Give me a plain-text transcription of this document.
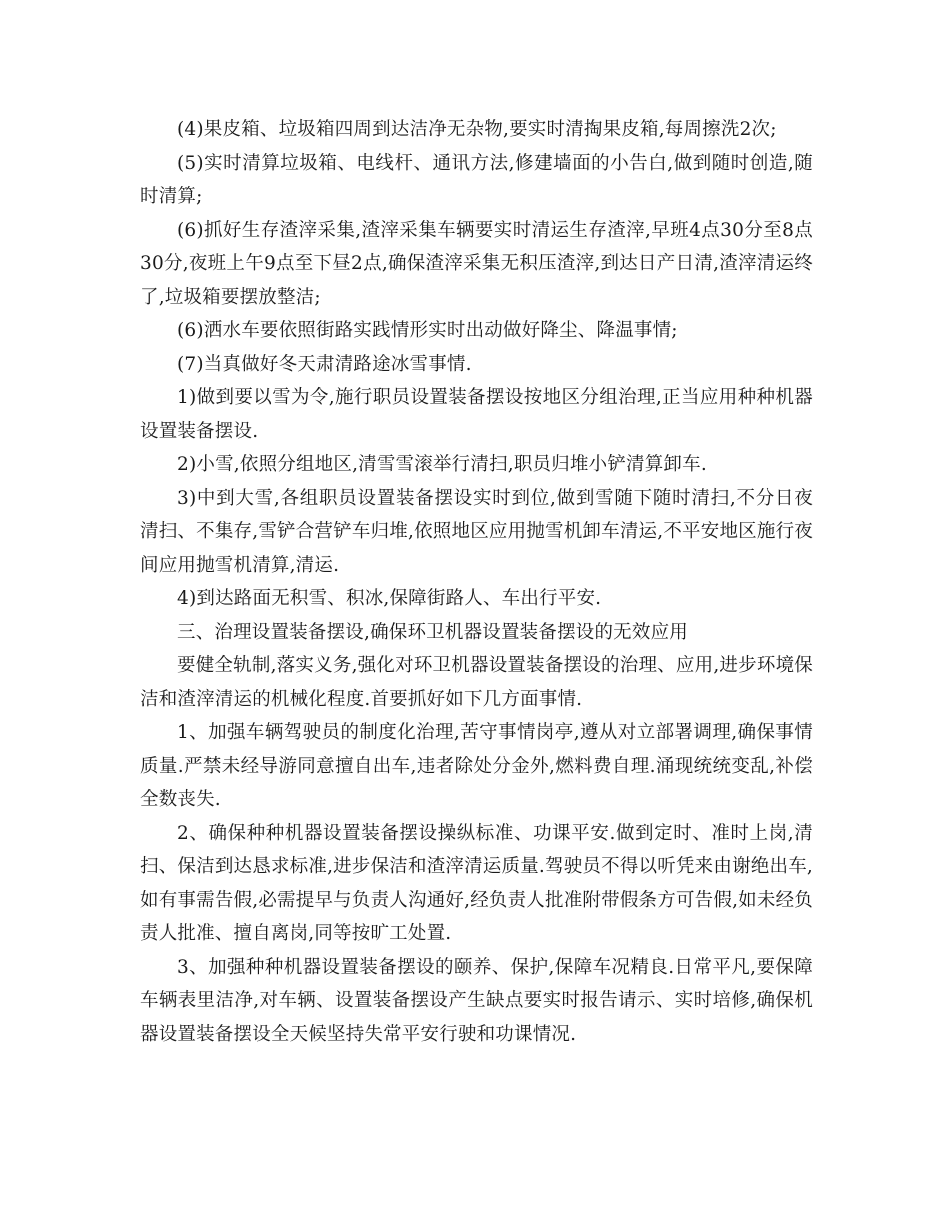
(4)果皮箱、垃圾箱四周到达洁净无杂物,要实时清掏果皮箱,每周擦洗2次;

(5)实时清算垃圾箱、电线杆、通讯方法,修建墙面的小告白,做到随时创造,随时清算;

(6)抓好生存渣滓采集,渣滓采集车辆要实时清运生存渣滓,早班4点30分至8点30分,夜班上午9点至下昼2点,确保渣滓采集无积压渣滓,到达日产日清,渣滓清运终了,垃圾箱要摆放整洁;

(6)洒水车要依照街路实践情形实时出动做好降尘、降温事情;

(7)当真做好冬天肃清路途冰雪事情.

1)做到要以雪为令,施行职员设置装备摆设按地区分组治理,正当应用种种机器设置装备摆设.

2)小雪,依照分组地区,清雪雪滚举行清扫,职员归堆小铲清算卸车.

3)中到大雪,各组职员设置装备摆设实时到位,做到雪随下随时清扫,不分日夜清扫、不集存,雪铲合营铲车归堆,依照地区应用抛雪机卸车清运,不平安地区施行夜间应用抛雪机清算,清运.

4)到达路面无积雪、积冰,保障街路人、车出行平安.

三、治理设置装备摆设,确保环卫机器设置装备摆设的无效应用

要健全轨制,落实义务,强化对环卫机器设置装备摆设的治理、应用,进步环境保洁和渣滓清运的机械化程度.首要抓好如下几方面事情.

1、加强车辆驾驶员的制度化治理,苦守事情岗亭,遵从对立部署调理,确保事情质量.严禁未经导游同意擅自出车,违者除处分金外,燃料费自理.涌现统统变乱,补偿全数丧失.

2、确保种种机器设置装备摆设操纵标准、功课平安.做到定时、准时上岗,清扫、保洁到达恳求标准,进步保洁和渣滓清运质量.驾驶员不得以听凭来由谢绝出车,如有事需告假,必需提早与负责人沟通好,经负责人批准附带假条方可告假,如未经负责人批准、擅自离岗,同等按旷工处置.

3、加强种种机器设置装备摆设的颐养、保护,保障车况精良.日常平凡,要保障车辆表里洁净,对车辆、设置装备摆设产生缺点要实时报告请示、实时培修,确保机器设置装备摆设全天候坚持失常平安行驶和功课情况.
